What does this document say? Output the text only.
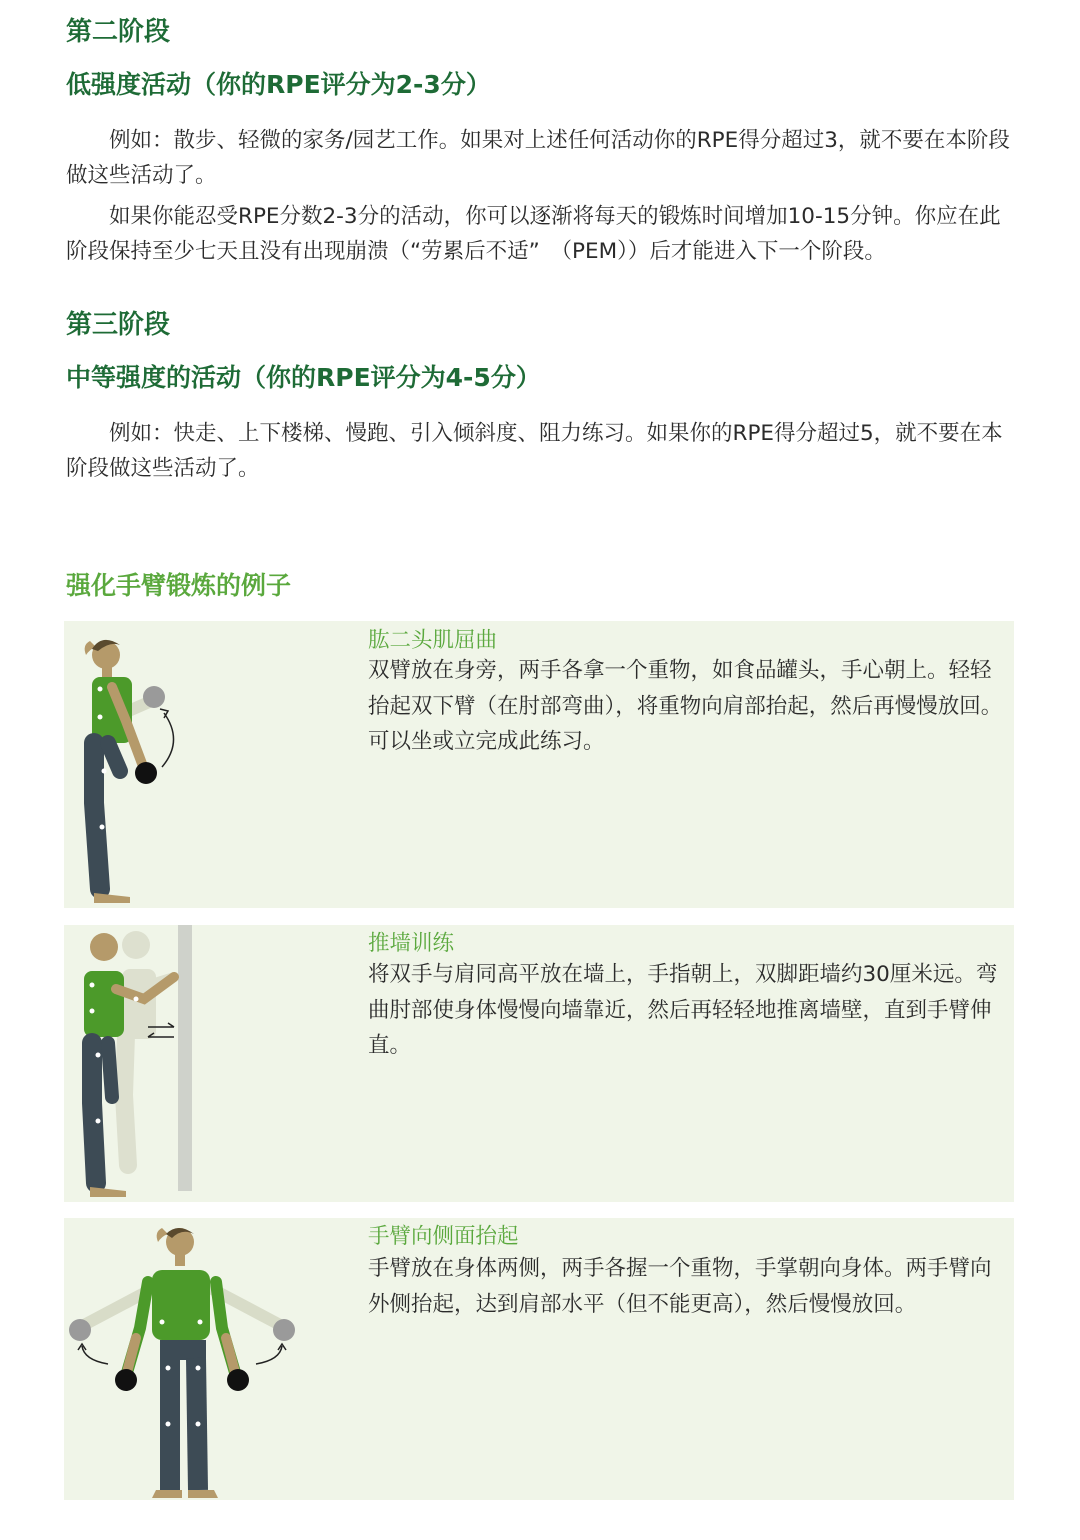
第二阶段
低强度活动（你的RPE评分为2-3分）

例如：散步、轻微的家务/园艺工作。如果对上述任何活动你的RPE得分超过3，就不要在本阶段做这些活动了。

如果你能忍受RPE分数2-3分的活动，你可以逐渐将每天的锻炼时间增加10-15分钟。你应在此阶段保持至少七天且没有出现崩溃（“劳累后不适”　（PEM））后才能进入下一个阶段。

第三阶段
中等强度的活动（你的RPE评分为4-5分）

例如：快走、上下楼梯、慢跑、引入倾斜度、阻力练习。如果你的RPE得分超过5，就不要在本阶段做这些活动了。

强化手臂锻炼的例子

肱二头肌屈曲

双臂放在身旁，两手各拿一个重物，如食品罐头，手心朝上。轻轻抬起双下臂（在肘部弯曲），将重物向肩部抬起，然后再慢慢放回。可以坐或立完成此练习。

推墙训练

将双手与肩同高平放在墙上，手指朝上，双脚距墙约30厘米远。弯曲肘部使身体慢慢向墙靠近，然后再轻轻地推离墙壁，直到手臂伸直。

手臂向侧面抬起

手臂放在身体两侧，两手各握一个重物，手掌朝向身体。两手臂向外侧抬起，达到肩部水平（但不能更高），然后慢慢放回。
